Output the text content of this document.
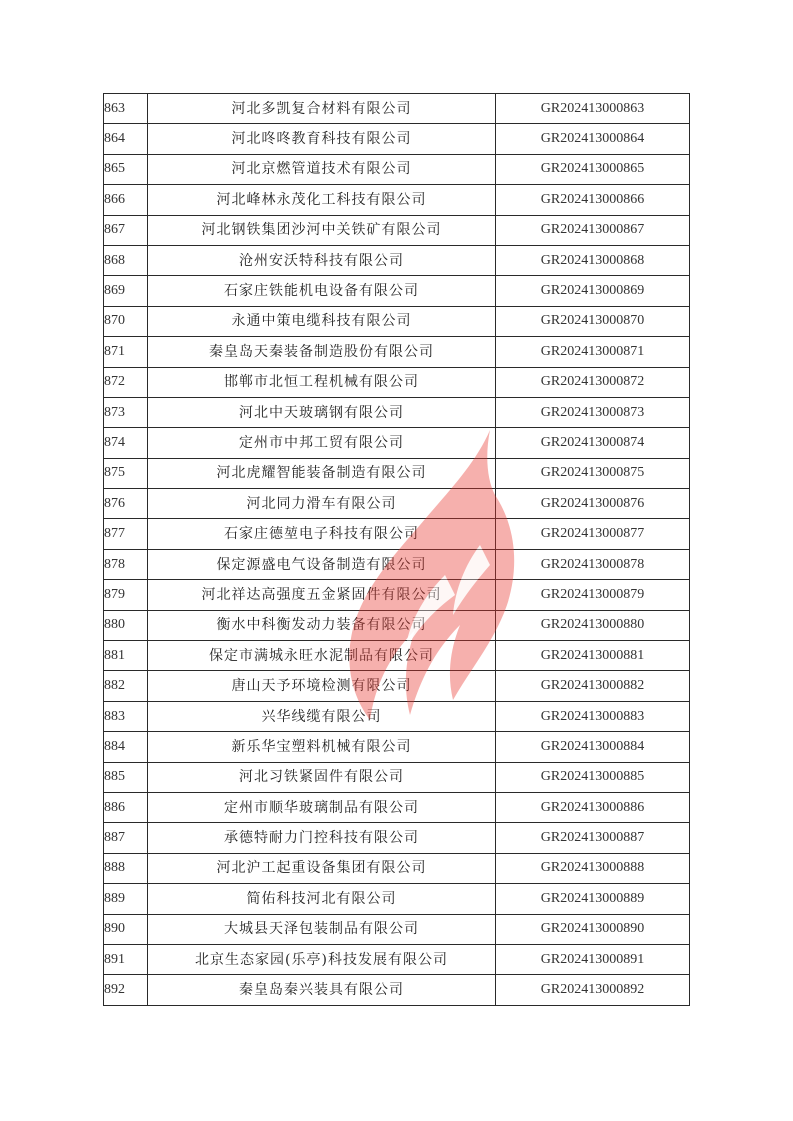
863	河北多凯复合材料有限公司	GR202413000863
864	河北咚咚教育科技有限公司	GR202413000864
865	河北京燃管道技术有限公司	GR202413000865
866	河北峰林永茂化工科技有限公司	GR202413000866
867	河北钢铁集团沙河中关铁矿有限公司	GR202413000867
868	沧州安沃特科技有限公司	GR202413000868
869	石家庄铁能机电设备有限公司	GR202413000869
870	永通中策电缆科技有限公司	GR202413000870
871	秦皇岛天秦装备制造股份有限公司	GR202413000871
872	邯郸市北恒工程机械有限公司	GR202413000872
873	河北中天玻璃钢有限公司	GR202413000873
874	定州市中邦工贸有限公司	GR202413000874
875	河北虎耀智能装备制造有限公司	GR202413000875
876	河北同力滑车有限公司	GR202413000876
877	石家庄德堃电子科技有限公司	GR202413000877
878	保定源盛电气设备制造有限公司	GR202413000878
879	河北祥达高强度五金紧固件有限公司	GR202413000879
880	衡水中科衡发动力装备有限公司	GR202413000880
881	保定市满城永旺水泥制品有限公司	GR202413000881
882	唐山天予环境检测有限公司	GR202413000882
883	兴华线缆有限公司	GR202413000883
884	新乐华宝塑料机械有限公司	GR202413000884
885	河北习铁紧固件有限公司	GR202413000885
886	定州市顺华玻璃制品有限公司	GR202413000886
887	承德特耐力门控科技有限公司	GR202413000887
888	河北沪工起重设备集团有限公司	GR202413000888
889	简佑科技河北有限公司	GR202413000889
890	大城县天泽包装制品有限公司	GR202413000890
891	北京生态家园(乐亭)科技发展有限公司	GR202413000891
892	秦皇岛秦兴装具有限公司	GR202413000892
